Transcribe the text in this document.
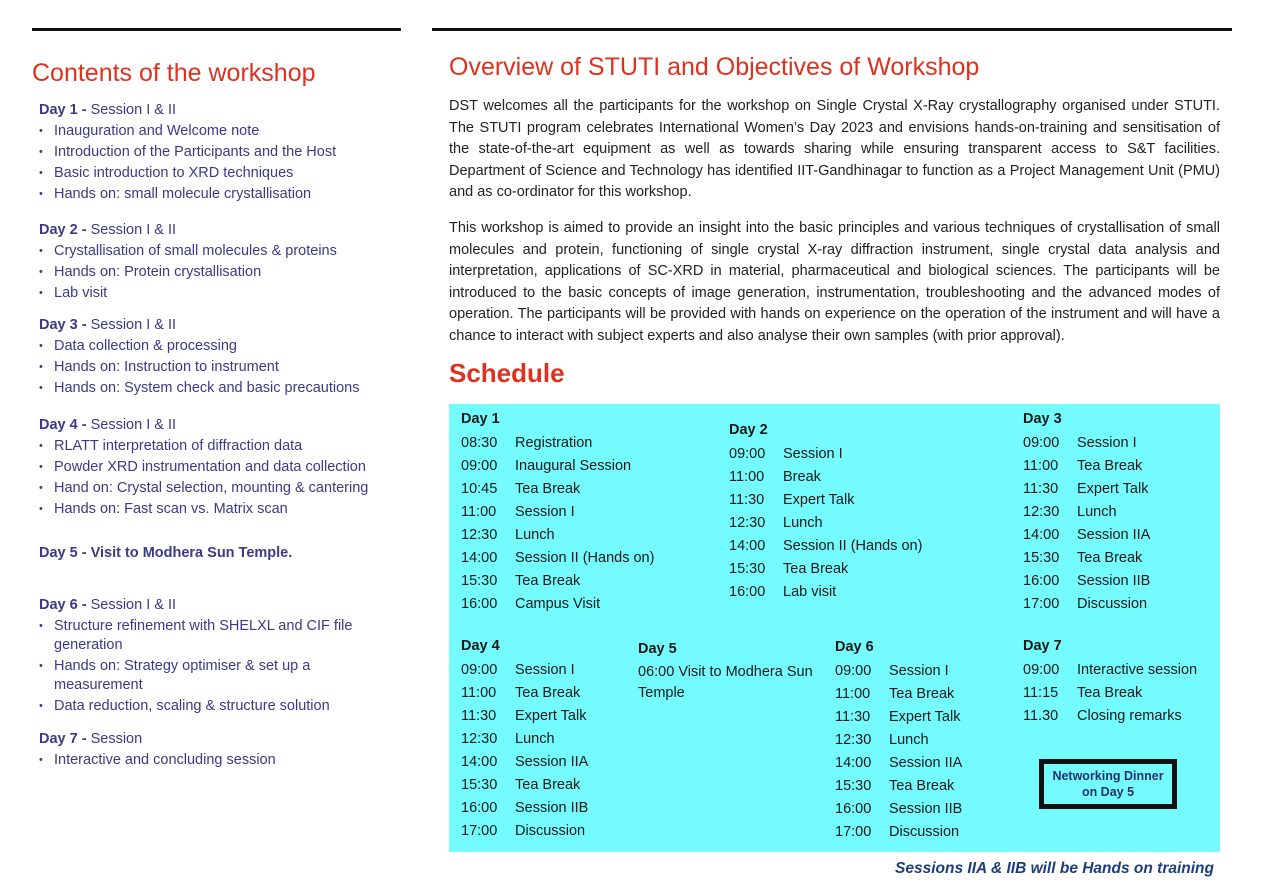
Contents of the workshop
Day 1 - Session I & II
• Inauguration and Welcome note
• Introduction of the Participants and the Host
• Basic introduction to XRD techniques
• Hands on: small molecule crystallisation
Day 2 - Session I & II
• Crystallisation of small molecules & proteins
• Hands on: Protein crystallisation
• Lab visit
Day 3 - Session I & II
• Data collection & processing
• Hands on: Instruction to instrument
• Hands on: System check and basic precautions
Day 4 - Session I & II
• RLATT interpretation of diffraction data
• Powder XRD instrumentation and data collection
• Hand on: Crystal selection, mounting & cantering
• Hands on: Fast scan vs. Matrix scan
Day 5 - Visit to Modhera Sun Temple.
Day 6 - Session I & II
• Structure refinement with SHELXL and CIF file generation
• Hands on: Strategy optimiser & set up a measurement
• Data reduction, scaling & structure solution
Day 7 - Session
• Interactive and concluding session
Overview of STUTI and Objectives of Workshop

DST welcomes all the participants for the workshop on Single Crystal X-Ray crystallography organised under STUTI. The STUTI program celebrates International Women’s Day 2023 and envisions hands-on-training and sensitisation of the state-of-the-art equipment as well as towards sharing while ensuring transparent access to S&T facilities. Department of Science and Technology has identified IIT-Gandhinagar to function as a Project Management Unit (PMU) and as co-ordinator for this workshop.

This workshop is aimed to provide an insight into the basic principles and various techniques of crystallisation of small molecules and protein, functioning of single crystal X-ray diffraction instrument, single crystal data analysis and interpretation, applications of SC-XRD in material, pharmaceutical and biological sciences. The participants will be introduced to the basic concepts of image generation, instrumentation, troubleshooting and the advanced modes of operation. The participants will be provided with hands on experience on the operation of the instrument and will have a chance to interact with subject experts and also analyse their own samples (with prior approval).

Schedule
Day 1
08:30	Registration
09:00	Inaugural Session
10:45	Tea Break
11:00	Session I
12:30	Lunch
14:00	Session II (Hands on)
15:30	Tea Break
16:00	Campus Visit
Day 2
09:00	Session I
11:00	Break
11:30	Expert Talk
12:30	Lunch
14:00	Session II (Hands on)
15:30	Tea Break
16:00	Lab visit
Day 3
09:00	Session I
11:00	Tea Break
11:30	Expert Talk
12:30	Lunch
14:00	Session IIA
15:30	Tea Break
16:00	Session IIB
17:00	Discussion
Day 4
09:00	Session I
11:00	Tea Break
11:30	Expert Talk
12:30	Lunch
14:00	Session IIA
15:30	Tea Break
16:00	Session IIB
17:00	Discussion
Day 5
06:00 Visit to Modhera Sun Temple
Day 6
09:00	Session I
11:00	Tea Break
11:30	Expert Talk
12:30	Lunch
14:00	Session IIA
15:30	Tea Break
16:00	Session IIB
17:00	Discussion
Day 7
09:00	Interactive session
11:15	Tea Break
11.30	Closing remarks
Networking Dinner on Day 5

Sessions IIA & IIB will be Hands on training
